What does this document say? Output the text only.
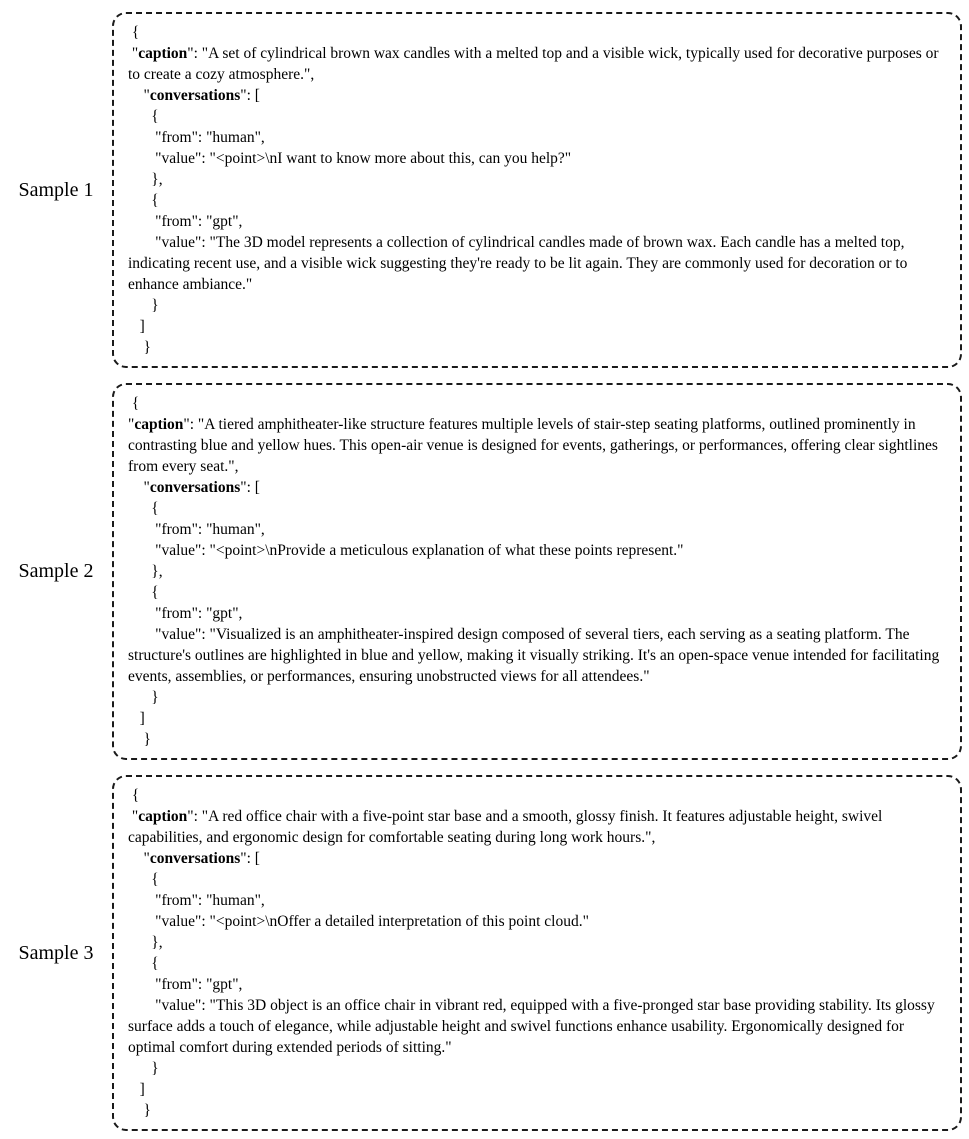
Sample 1
{
"caption": "A set of cylindrical brown wax candles with a melted top and a visible wick, typically used for decorative purposes or to create a cozy atmosphere.",
"conversations": [
{
"from": "human",
"value": "<point>\nI want to know more about this, can you help?"
},
{
"from": "gpt",
"value": "The 3D model represents a collection of cylindrical candles made of brown wax. Each candle has a melted top, indicating recent use, and a visible wick suggesting they're ready to be lit again. They are commonly used for decoration or to enhance ambiance."
}
]
}
Sample 2
{
"caption": "A tiered amphitheater-like structure features multiple levels of stair-step seating platforms, outlined prominently in contrasting blue and yellow hues. This open-air venue is designed for events, gatherings, or performances, offering clear sightlines from every seat.",
"conversations": [
{
"from": "human",
"value": "<point>\nProvide a meticulous explanation of what these points represent."
},
{
"from": "gpt",
"value": "Visualized is an amphitheater-inspired design composed of several tiers, each serving as a seating platform. The structure's outlines are highlighted in blue and yellow, making it visually striking. It's an open-space venue intended for facilitating events, assemblies, or performances, ensuring unobstructed views for all attendees."
}
]
}
Sample 3
{
"caption": "A red office chair with a five-point star base and a smooth, glossy finish. It features adjustable height, swivel capabilities, and ergonomic design for comfortable seating during long work hours.",
"conversations": [
{
"from": "human",
"value": "<point>\nOffer a detailed interpretation of this point cloud."
},
{
"from": "gpt",
"value": "This 3D object is an office chair in vibrant red, equipped with a five-pronged star base providing stability. Its glossy surface adds a touch of elegance, while adjustable height and swivel functions enhance usability. Ergonomically designed for optimal comfort during extended periods of sitting."
}
]
}
